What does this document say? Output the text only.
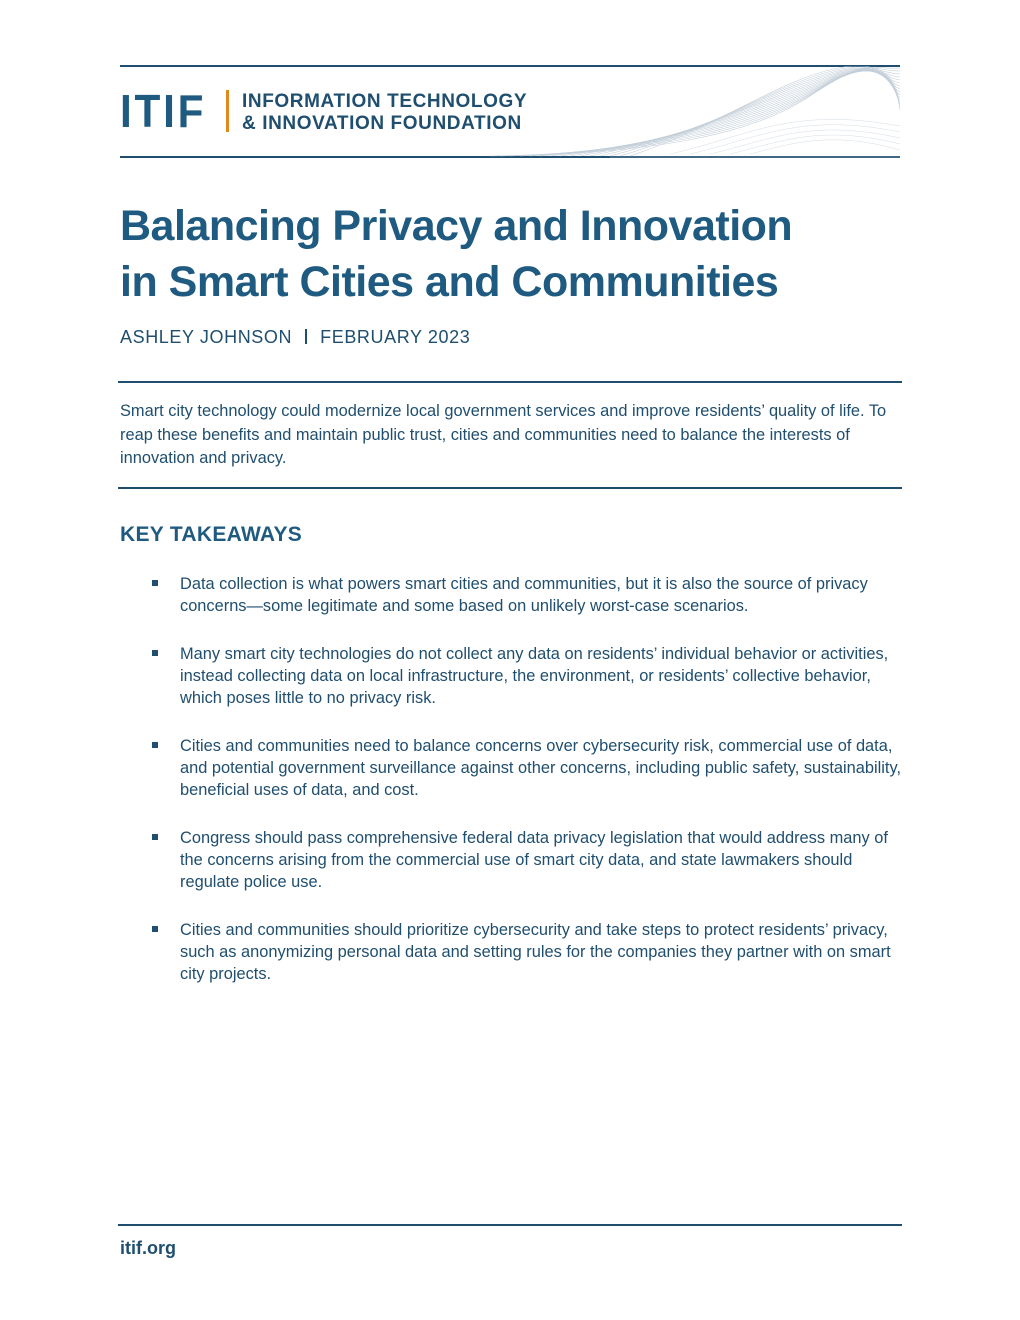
ITIF INFORMATION TECHNOLOGY
& INNOVATION FOUNDATION
Balancing Privacy and Innovation
in Smart Cities and Communities
ASHLEY JOHNSON FEBRUARY 2023

Smart city technology could modernize local government services and improve residents’ quality of life. To reap these benefits and maintain public trust, cities and communities need to balance the interests of innovation and privacy.

KEY TAKEAWAYS
Data collection is what powers smart cities and communities, but it is also the source of privacy concerns—some legitimate and some based on unlikely worst-case scenarios.
Many smart city technologies do not collect any data on residents’ individual behavior or activities, instead collecting data on local infrastructure, the environment, or residents’ collective behavior, which poses little to no privacy risk.
Cities and communities need to balance concerns over cybersecurity risk, commercial use of data, and potential government surveillance against other concerns, including public safety, sustainability, beneficial uses of data, and cost.
Congress should pass comprehensive federal data privacy legislation that would address many of the concerns arising from the commercial use of smart city data, and state lawmakers should regulate police use.
Cities and communities should prioritize cybersecurity and take steps to protect residents’ privacy, such as anonymizing personal data and setting rules for the companies they partner with on smart city projects.
itif.org
